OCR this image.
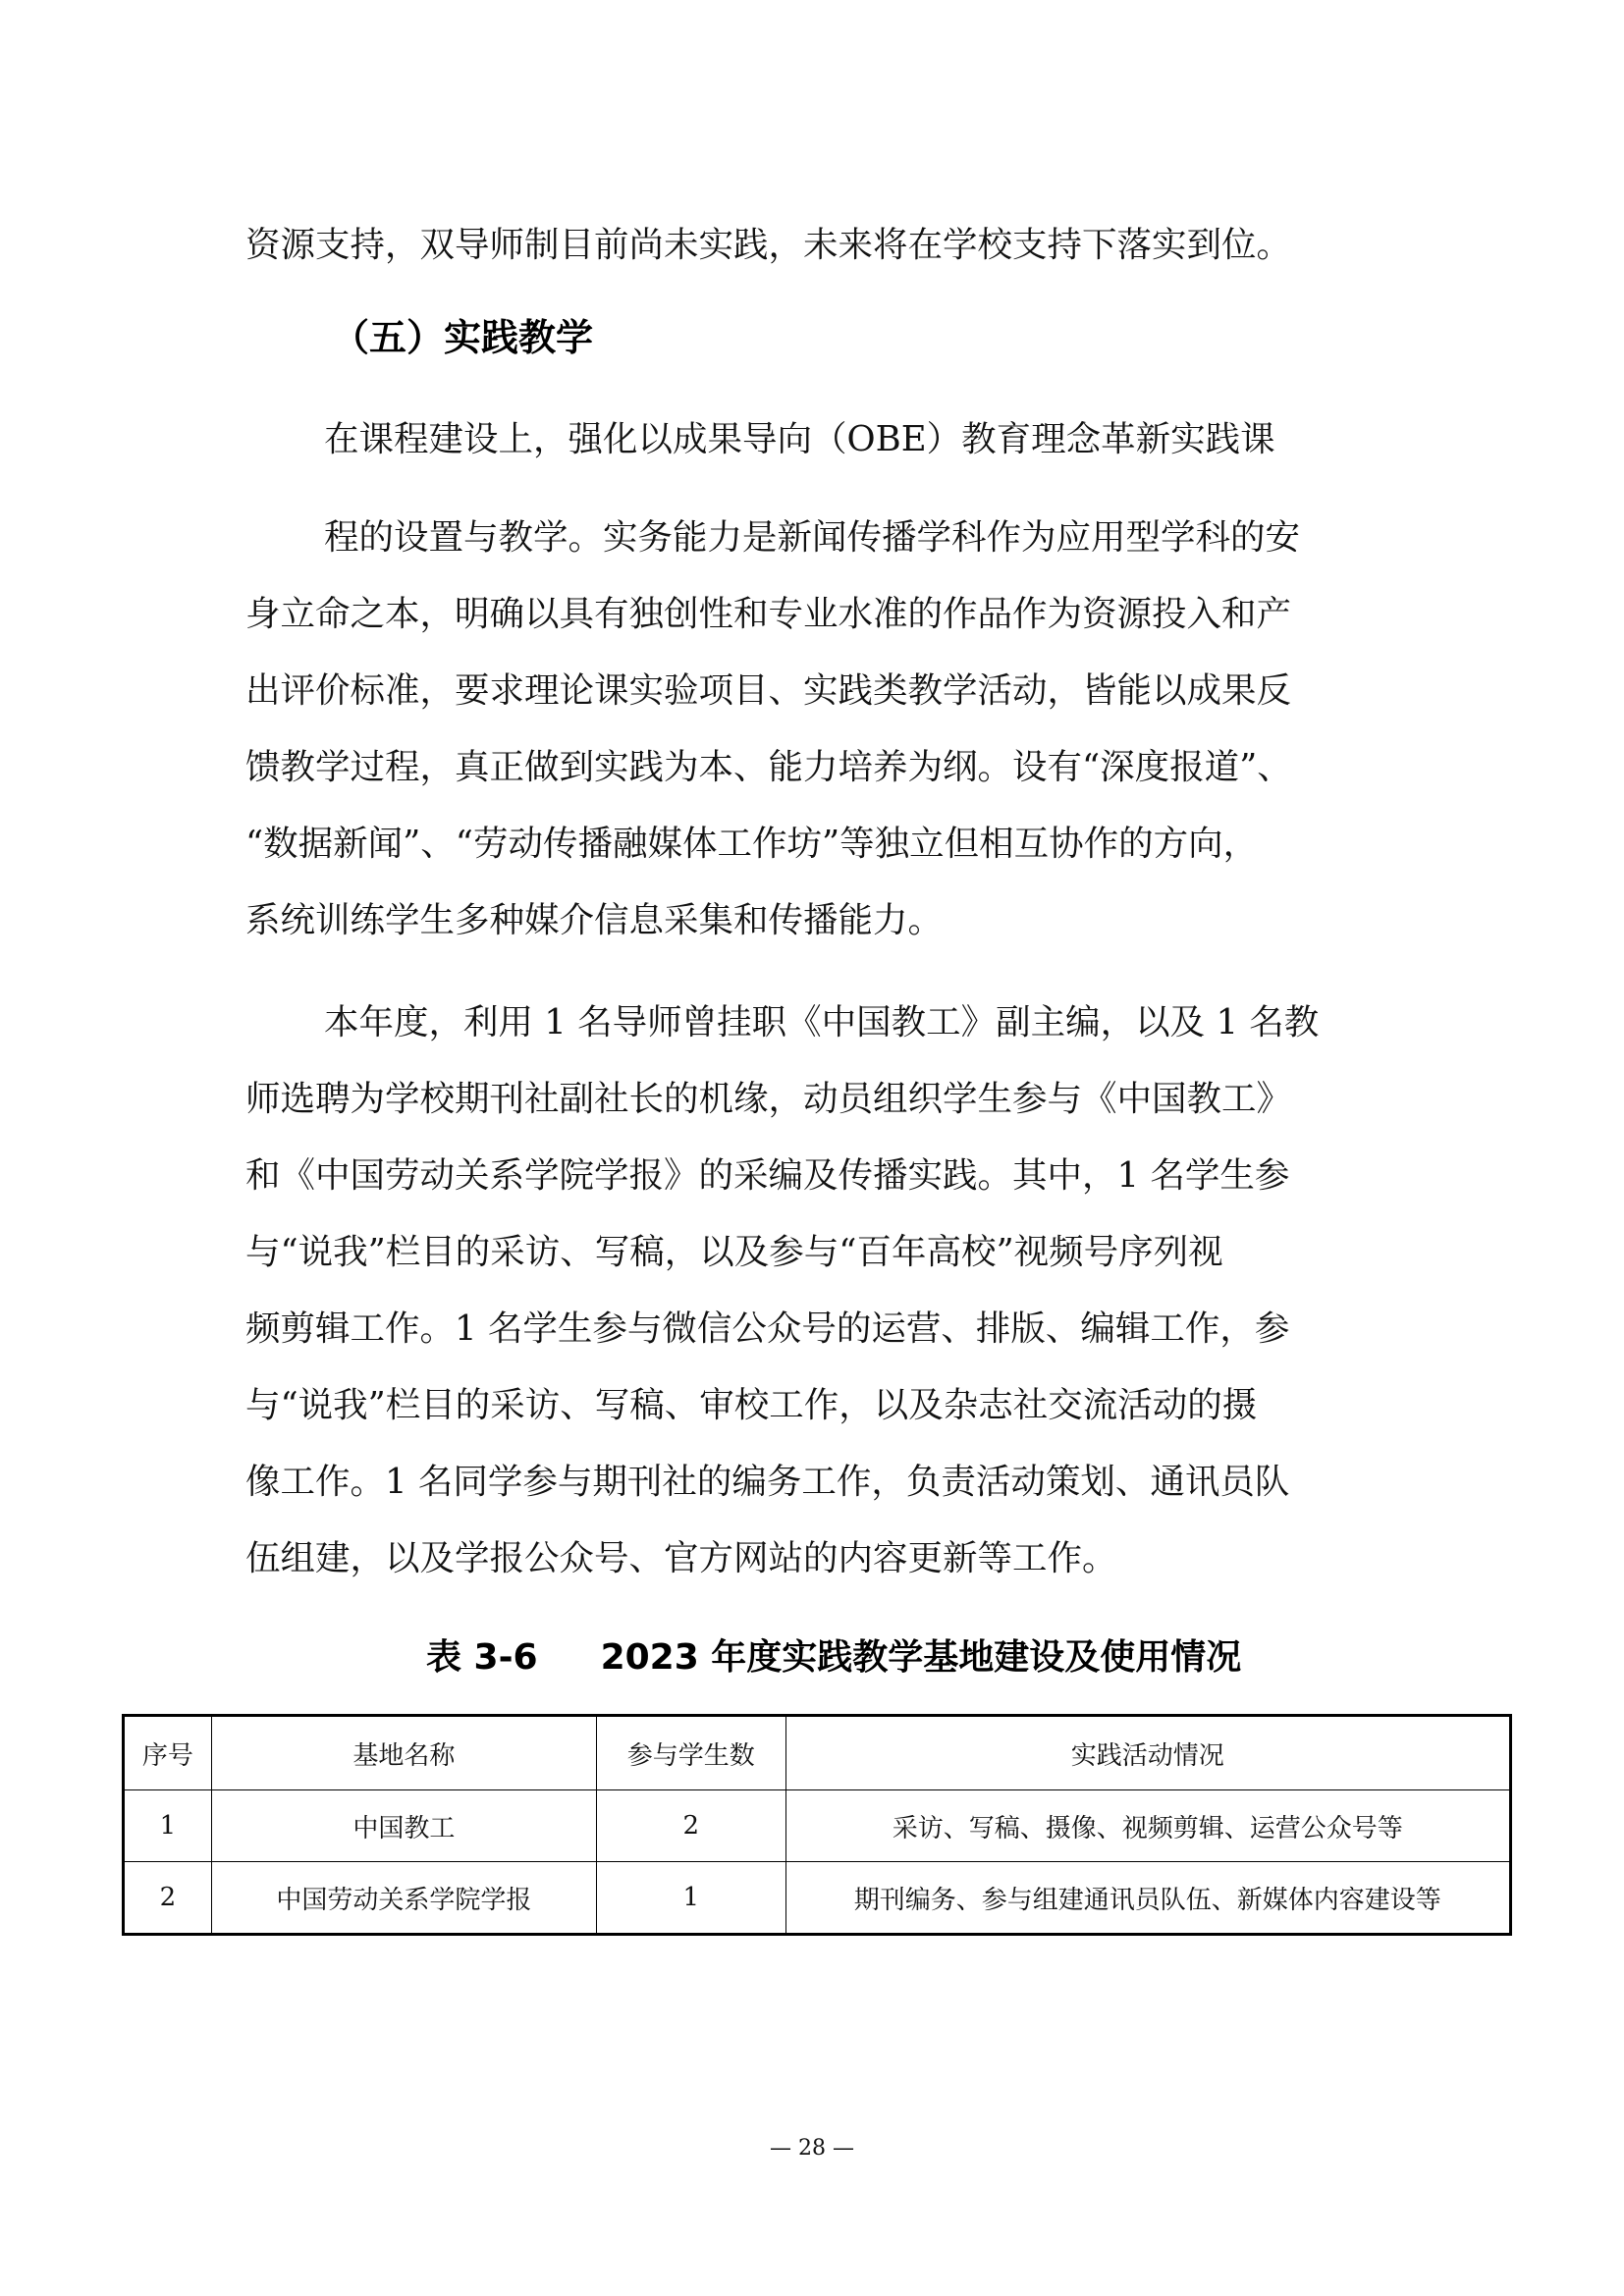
资源支持，双导师制目前尚未实践，未来将在学校支持下落实到位。

（五）实践教学

在课程建设上，强化以成果导向（OBE）教育理念革新实践课

程的设置与教学。实务能力是新闻传播学科作为应用型学科的安

身立命之本，明确以具有独创性和专业水准的作品作为资源投入和产

出评价标准，要求理论课实验项目、实践类教学活动，皆能以成果反

馈教学过程，真正做到实践为本、能力培养为纲。设有“深度报道”、

“数据新闻”、“劳动传播融媒体工作坊”等独立但相互协作的方向，

系统训练学生多种媒介信息采集和传播能力。

本年度，利用 1 名导师曾挂职《中国教工》副主编，以及 1 名教

师选聘为学校期刊社副社长的机缘，动员组织学生参与《中国教工》

和《中国劳动关系学院学报》的采编及传播实践。其中，1 名学生参

与“说我”栏目的采访、写稿，以及参与“百年高校”视频号序列视

频剪辑工作。1 名学生参与微信公众号的运营、排版、编辑工作，参

与“说我”栏目的采访、写稿、审校工作，以及杂志社交流活动的摄

像工作。1 名同学参与期刊社的编务工作，负责活动策划、通讯员队

伍组建，以及学报公众号、官方网站的内容更新等工作。

表 3-6 2023 年度实践教学基地建设及使用情况
序号	基地名称	参与学生数	实践活动情况
1	中国教工	2	采访、写稿、摄像、视频剪辑、运营公众号等
2	中国劳动关系学院学报	1	期刊编务、参与组建通讯员队伍、新媒体内容建设等
— 28 —
